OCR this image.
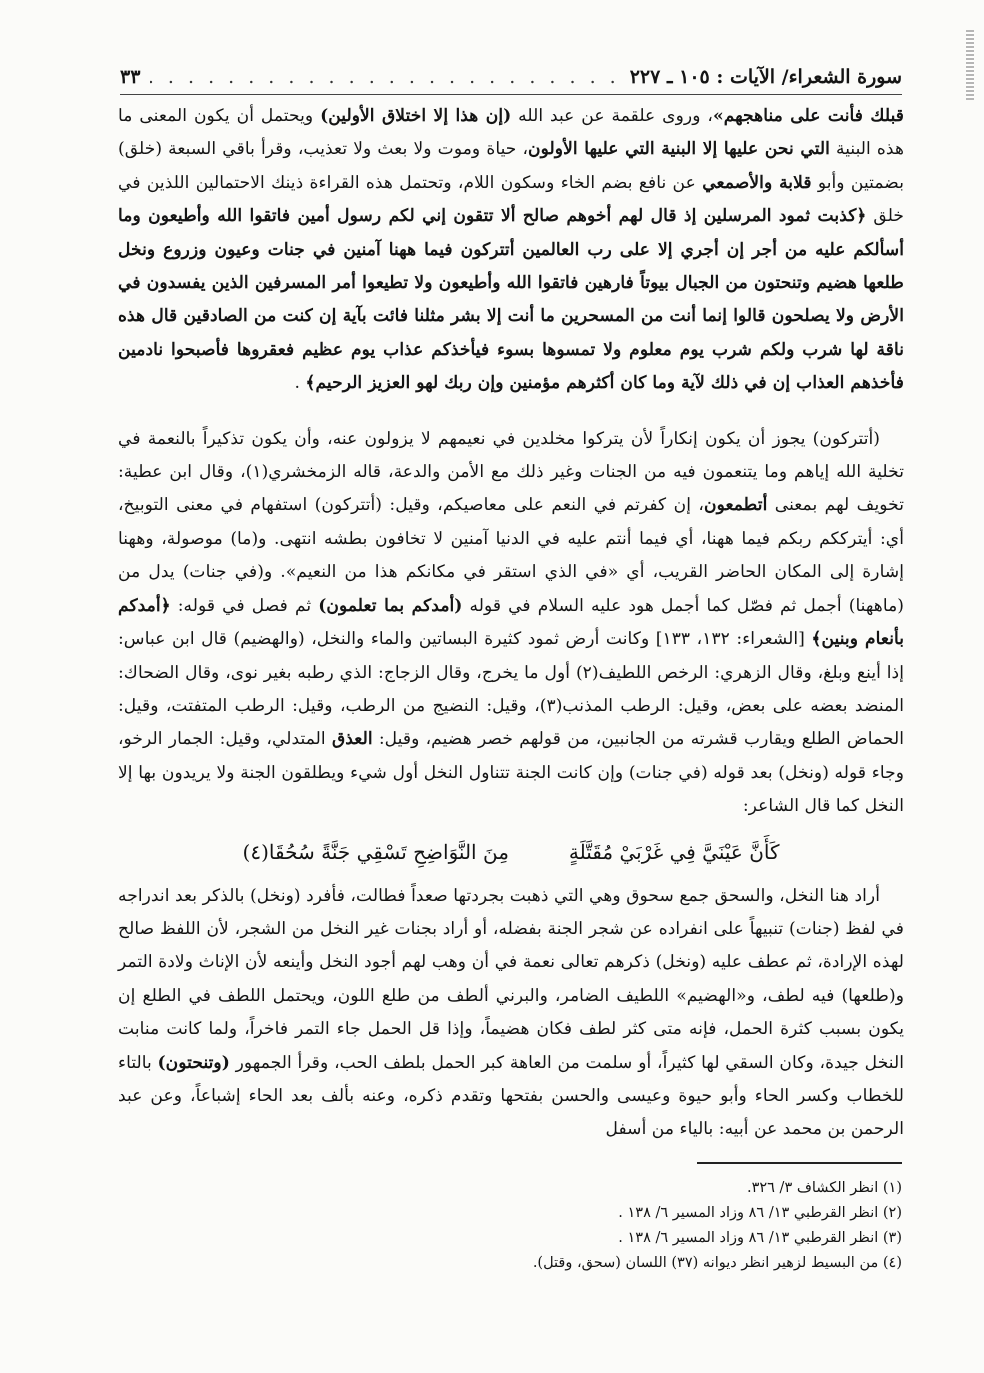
سورة الشعراء/ الآيات : ١٠٥ ـ ٢٢٧
. . .
٣٣

قبلك فأنت على مناهجهم»، وروى علقمة عن عبد الله (إن هذا إلا اختلاق الأولين) ويحتمل أن يكون المعنى ما هذه البنية التي نحن عليها إلا البنية التي عليها الأولون، حياة وموت ولا بعث ولا تعذيب، وقرأ باقي السبعة (خلق) بضمتين وأبو قلابة والأصمعي عن نافع بضم الخاء وسكون اللام، وتحتمل هذه القراءة ذينك الاحتمالين اللذين في خلق ﴿كذبت ثمود المرسلين إذ قال لهم أخوهم صالح ألا تتقون إني لكم رسول أمين فاتقوا الله وأطيعون وما أسألكم عليه من أجر إن أجري إلا على رب العالمين أتتركون فيما ههنا آمنين في جنات وعيون وزروع ونخل طلعها هضيم وتنحتون من الجبال بيوتاً فارهين فاتقوا الله وأطيعون ولا تطيعوا أمر المسرفين الذين يفسدون في الأرض ولا يصلحون قالوا إنما أنت من المسحرين ما أنت إلا بشر مثلنا فائت بآية إن كنت من الصادقين قال هذه ناقة لها شرب ولكم شرب يوم معلوم ولا تمسوها بسوء فيأخذكم عذاب يوم عظيم فعقروها فأصبحوا نادمين فأخذهم العذاب إن في ذلك لآية وما كان أكثرهم مؤمنين وإن ربك لهو العزيز الرحيم﴾ .

(أتتركون) يجوز أن يكون إنكاراً لأن يتركوا مخلدين في نعيمهم لا يزولون عنه، وأن يكون تذكيراً بالنعمة في تخلية الله إياهم وما يتنعمون فيه من الجنات وغير ذلك مع الأمن والدعة، قاله الزمخشري(١)، وقال ابن عطية: تخويف لهم بمعنى أتطمعون، إن كفرتم في النعم على معاصيكم، وقيل: (أتتركون) استفهام في معنى التوبيخ، أي: أيترككم ربكم فيما ههنا، أي فيما أنتم عليه في الدنيا آمنين لا تخافون بطشه انتهى. و(ما) موصولة، وههنا إشارة إلى المكان الحاضر القريب، أي «في الذي استقر في مكانكم هذا من النعيم». و(في جنات) يدل من (ماههنا) أجمل ثم فصّل كما أجمل هود عليه السلام في قوله (أمدكم بما تعلمون) ثم فصل في قوله: ﴿أمدكم بأنعام وبنين﴾ [الشعراء: ١٣٢، ١٣٣] وكانت أرض ثمود كثيرة البساتين والماء والنخل، (والهضيم) قال ابن عباس: إذا أينع وبلغ، وقال الزهري: الرخص اللطيف(٢) أول ما يخرج، وقال الزجاج: الذي رطبه بغير نوى، وقال الضحاك: المنضد بعضه على بعض، وقيل: الرطب المذنب(٣)، وقيل: النضيج من الرطب، وقيل: الرطب المتفتت، وقيل: الحماض الطلع ويقارب قشرته من الجانبين، من قولهم خصر هضيم، وقيل: العذق المتدلي، وقيل: الجمار الرخو، وجاء قوله (ونخل) بعد قوله (في جنات) وإن كانت الجنة تتناول النخل أول شيء ويطلقون الجنة ولا يريدون بها إلا النخل كما قال الشاعر:

كَأَنَّ عَيْنَيَّ فِي غَرْبَيْ مُقَتَّلَةٍ
مِنَ النَّوَاضِحِ تَسْقِي جَنَّةً سُحُقَا(٤)

أراد هنا النخل، والسحق جمع سحوق وهي التي ذهبت بجردتها صعداً فطالت، فأفرد (ونخل) بالذكر بعد اندراجه في لفظ (جنات) تنبيهاً على انفراده عن شجر الجنة بفضله، أو أراد بجنات غير النخل من الشجر، لأن اللفظ صالح لهذه الإرادة، ثم عطف عليه (ونخل) ذكرهم تعالى نعمة في أن وهب لهم أجود النخل وأينعه لأن الإناث ولادة التمر و(طلعها) فيه لطف، و«الهضيم» اللطيف الضامر، والبرني ألطف من طلع اللون، ويحتمل اللطف في الطلع إن يكون بسبب كثرة الحمل، فإنه متى كثر لطف فكان هضيماً، وإذا قل الحمل جاء التمر فاخراً، ولما كانت منابت النخل جيدة، وكان السقي لها كثيراً، أو سلمت من العاهة كبر الحمل بلطف الحب، وقرأ الجمهور (وتنحتون) بالتاء للخطاب وكسر الحاء وأبو حيوة وعيسى والحسن بفتحها وتقدم ذكره، وعنه بألف بعد الحاء إشباعاً، وعن عبد الرحمن بن محمد عن أبيه: بالياء من أسفل

(١) انظر الكشاف ٣/ ٣٢٦.
(٢) انظر القرطبي ١٣/ ٨٦ وزاد المسير ٦/ ١٣٨ .
(٣) انظر القرطبي ١٣/ ٨٦ وزاد المسير ٦/ ١٣٨ .
(٤) من البسيط لزهير انظر ديوانه (٣٧) اللسان (سحق، وقتل).
